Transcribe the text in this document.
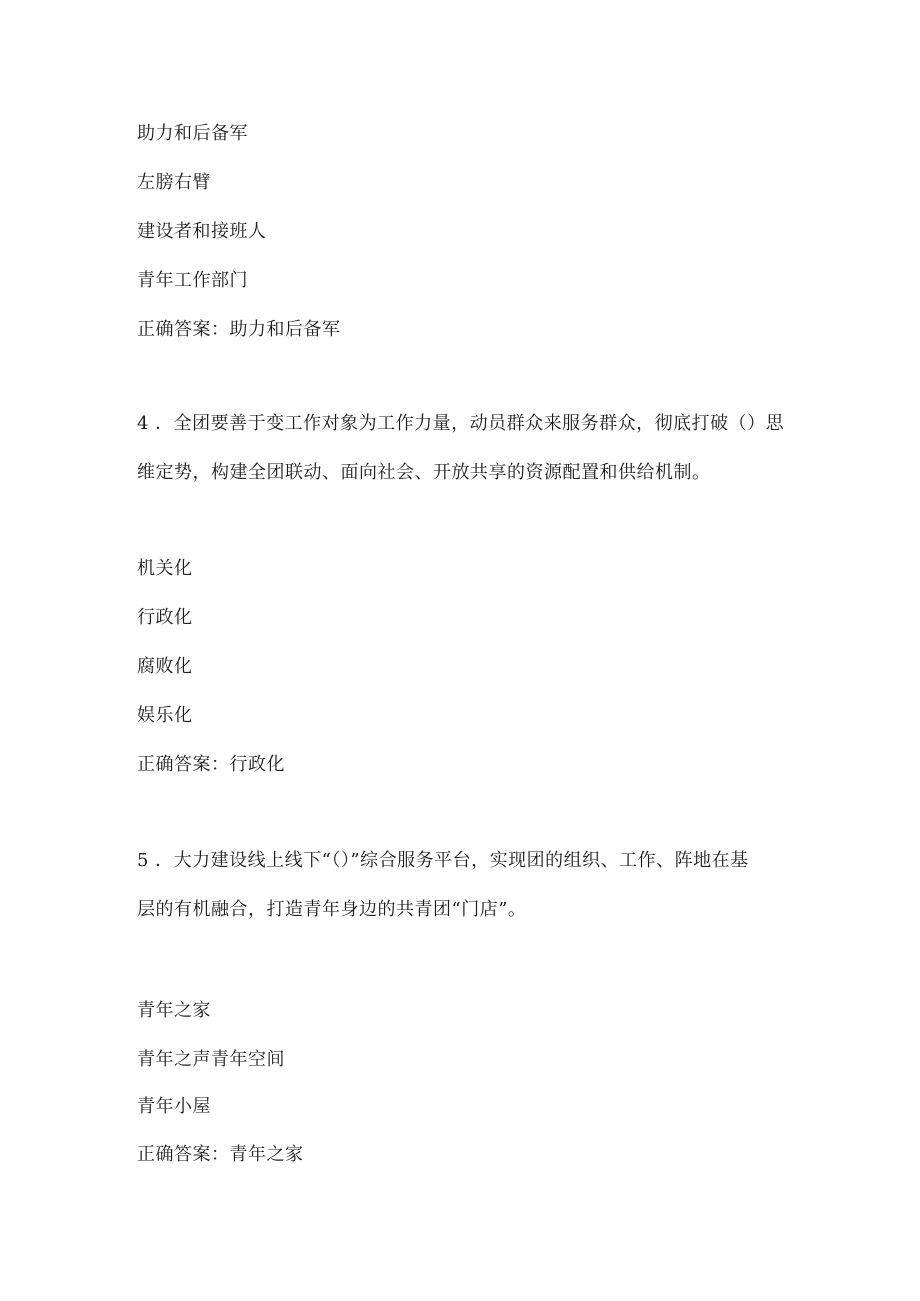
助力和后备军
左膀右臂
建设者和接班人
青年工作部门
正确答案：助力和后备军
4 ．全团要善于变工作对象为工作力量，动员群众来服务群众，彻底打破（）思
维定势，构建全团联动、面向社会、开放共享的资源配置和供给机制。
机关化
行政化
腐败化
娱乐化
正确答案：行政化
5 ．大力建设线上线下“（）”综合服务平台，实现团的组织、工作、阵地在基
层的有机融合，打造青年身边的共青团“门店”。
青年之家
青年之声青年空间
青年小屋
正确答案：青年之家
